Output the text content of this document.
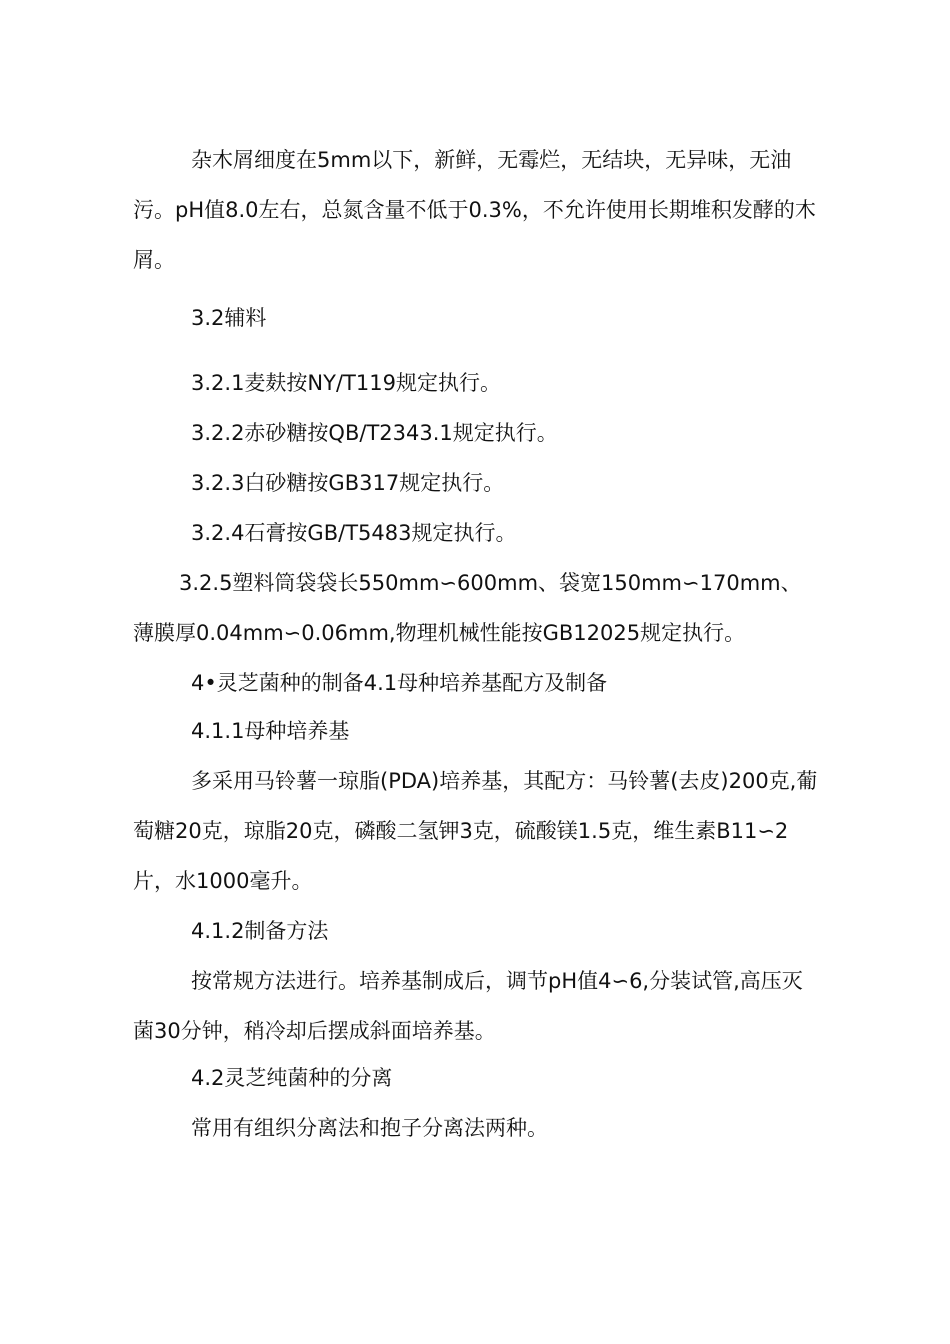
杂木屑细度在5mm以下，新鲜，无霉烂，无结块，无异味，无油污。pH值8.0左右，总氮含量不低于0.3%，不允许使用长期堆积发酵的木屑。

3.2辅料

3.2.1麦麸按NY/T119规定执行。

3.2.2赤砂糖按QB/T2343.1规定执行。

3.2.3白砂糖按GB317规定执行。

3.2.4石膏按GB/T5483规定执行。

3.2.5塑料筒袋袋长550mm∽600mm、袋宽150mm∽170mm、薄膜厚0.04mm∽0.06mm,物理机械性能按GB12025规定执行。

4•灵芝菌种的制备4.1母种培养基配方及制备

4.1.1母种培养基

多采用马铃薯一琼脂(PDA)培养基，其配方：马铃薯(去皮)200克,葡萄糖20克，琼脂20克，磷酸二氢钾3克，硫酸镁1.5克，维生素B11∽2片，水1000毫升。

4.1.2制备方法

按常规方法进行。培养基制成后，调节pH值4∽6,分装试管,高压灭菌30分钟，稍冷却后摆成斜面培养基。

4.2灵芝纯菌种的分离

常用有组织分离法和抱子分离法两种。
